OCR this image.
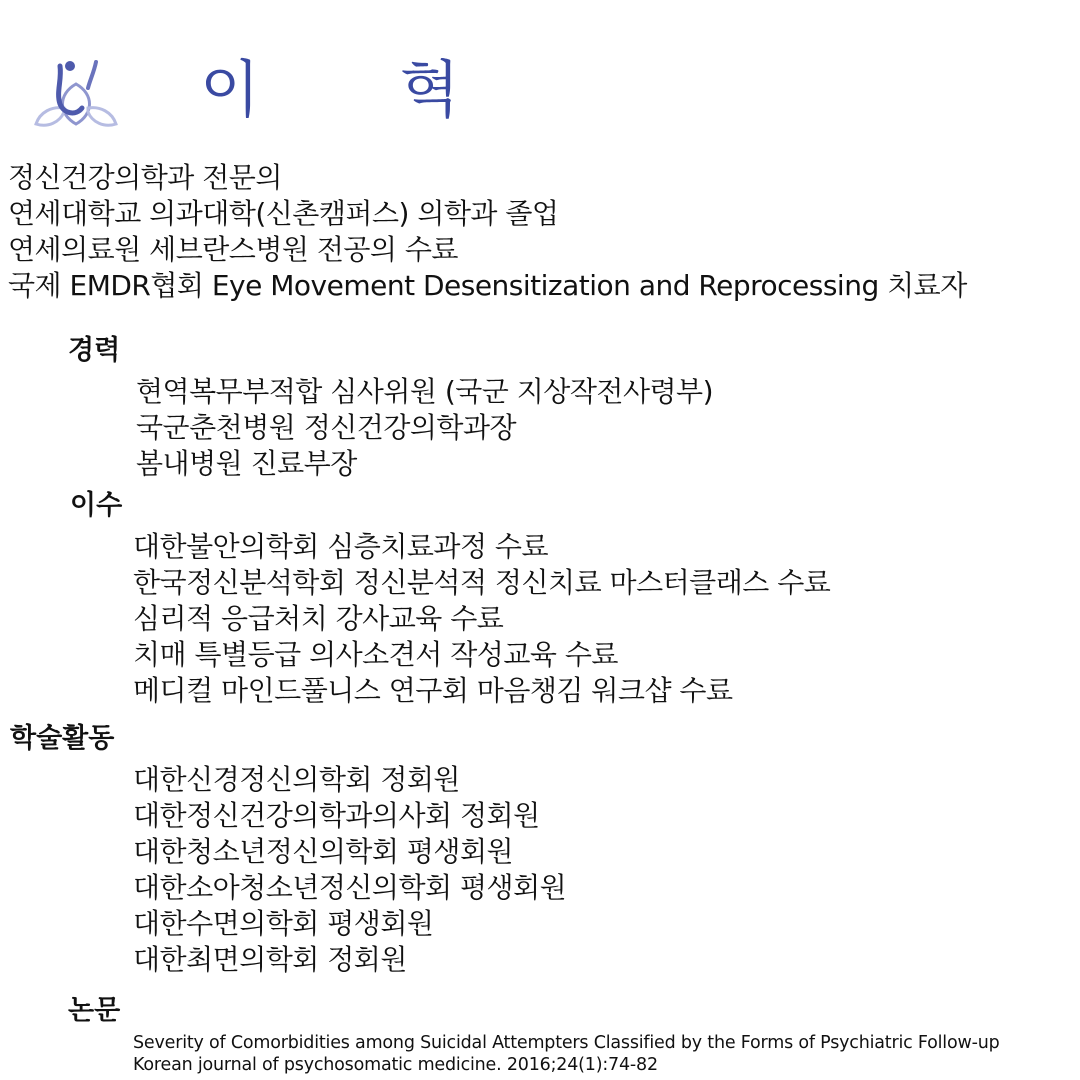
이 혁
정신건강의학과 전문의
연세대학교 의과대학(신촌캠퍼스) 의학과 졸업
연세의료원 세브란스병원 전공의 수료
국제 EMDR협회 Eye Movement Desensitization and Reprocessing 치료자
경력
현역복무부적합 심사위원 (국군 지상작전사령부)
국군춘천병원 정신건강의학과장
봄내병원 진료부장
이수
대한불안의학회 심층치료과정 수료
한국정신분석학회 정신분석적 정신치료 마스터클래스 수료
심리적 응급처치 강사교육 수료
치매 특별등급 의사소견서 작성교육 수료
메디컬 마인드풀니스 연구회 마음챙김 워크샵 수료
학술활동
대한신경정신의학회 정회원
대한정신건강의학과의사회 정회원
대한청소년정신의학회 평생회원
대한소아청소년정신의학회 평생회원
대한수면의학회 평생회원
대한최면의학회 정회원
논문
Severity of Comorbidities among Suicidal Attempters Classified by the Forms of Psychiatric Follow-up
Korean journal of psychosomatic medicine. 2016;24(1):74-82
